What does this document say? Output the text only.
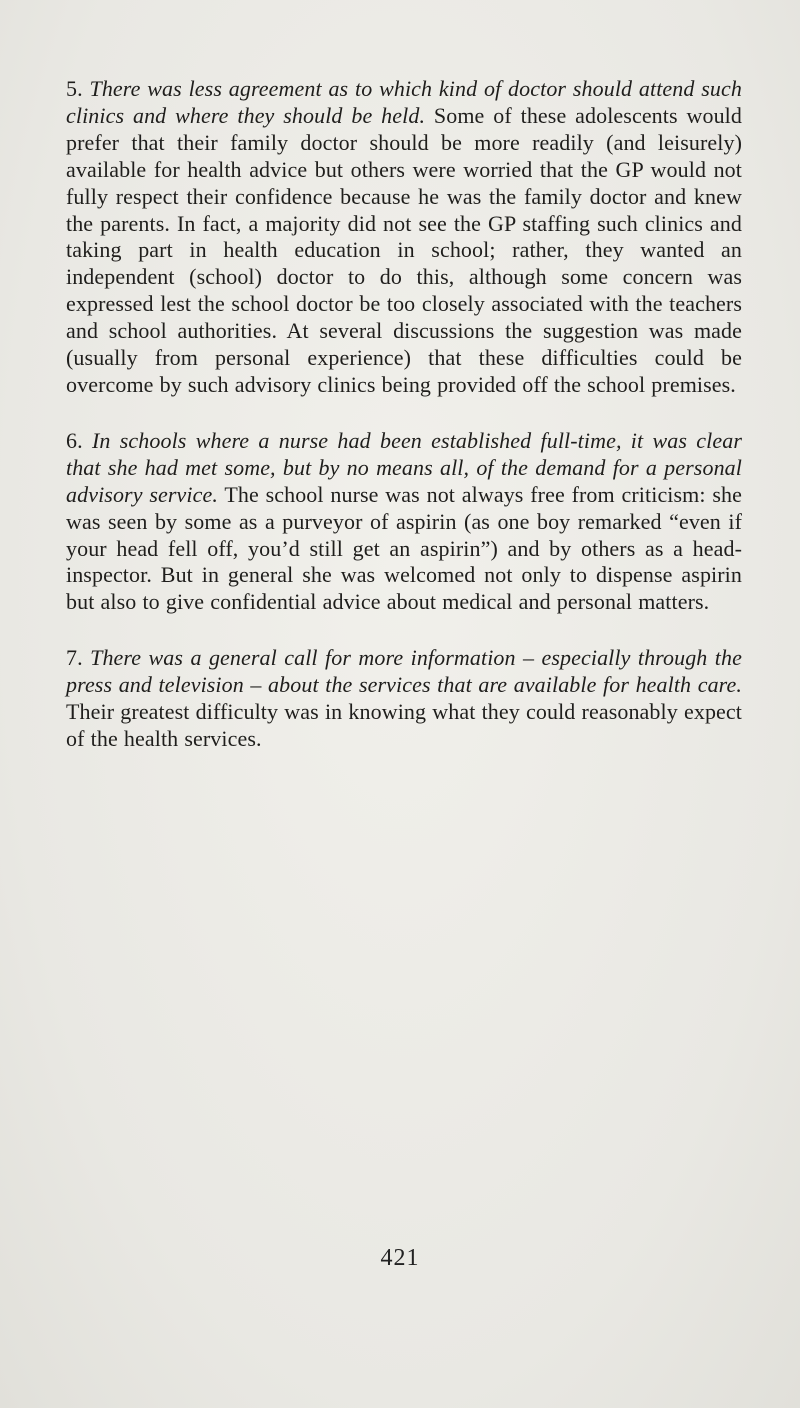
5. There was less agreement as to which kind of doctor should attend such clinics and where they should be held. Some of these adolescents would prefer that their family doctor should be more readily (and leisurely) available for health advice but others were worried that the GP would not fully respect their confidence because he was the family doctor and knew the parents. In fact, a majority did not see the GP staffing such clinics and taking part in health education in school; rather, they wanted an independent (school) doctor to do this, although some concern was expressed lest the school doctor be too closely associated with the teachers and school authorities. At several discussions the suggestion was made (usually from personal experience) that these difficulties could be overcome by such advisory clinics being provided off the school premises.

6. In schools where a nurse had been established full-time, it was clear that she had met some, but by no means all, of the demand for a personal advisory service. The school nurse was not always free from criticism: she was seen by some as a purveyor of aspirin (as one boy remarked “even if your head fell off, you’d still get an aspirin”) and by others as a head-inspector. But in general she was welcomed not only to dispense aspirin but also to give confidential advice about medical and personal matters.

7. There was a general call for more information – especially through the press and television – about the services that are available for health care. Their greatest difficulty was in knowing what they could reasonably expect of the health services.

421
